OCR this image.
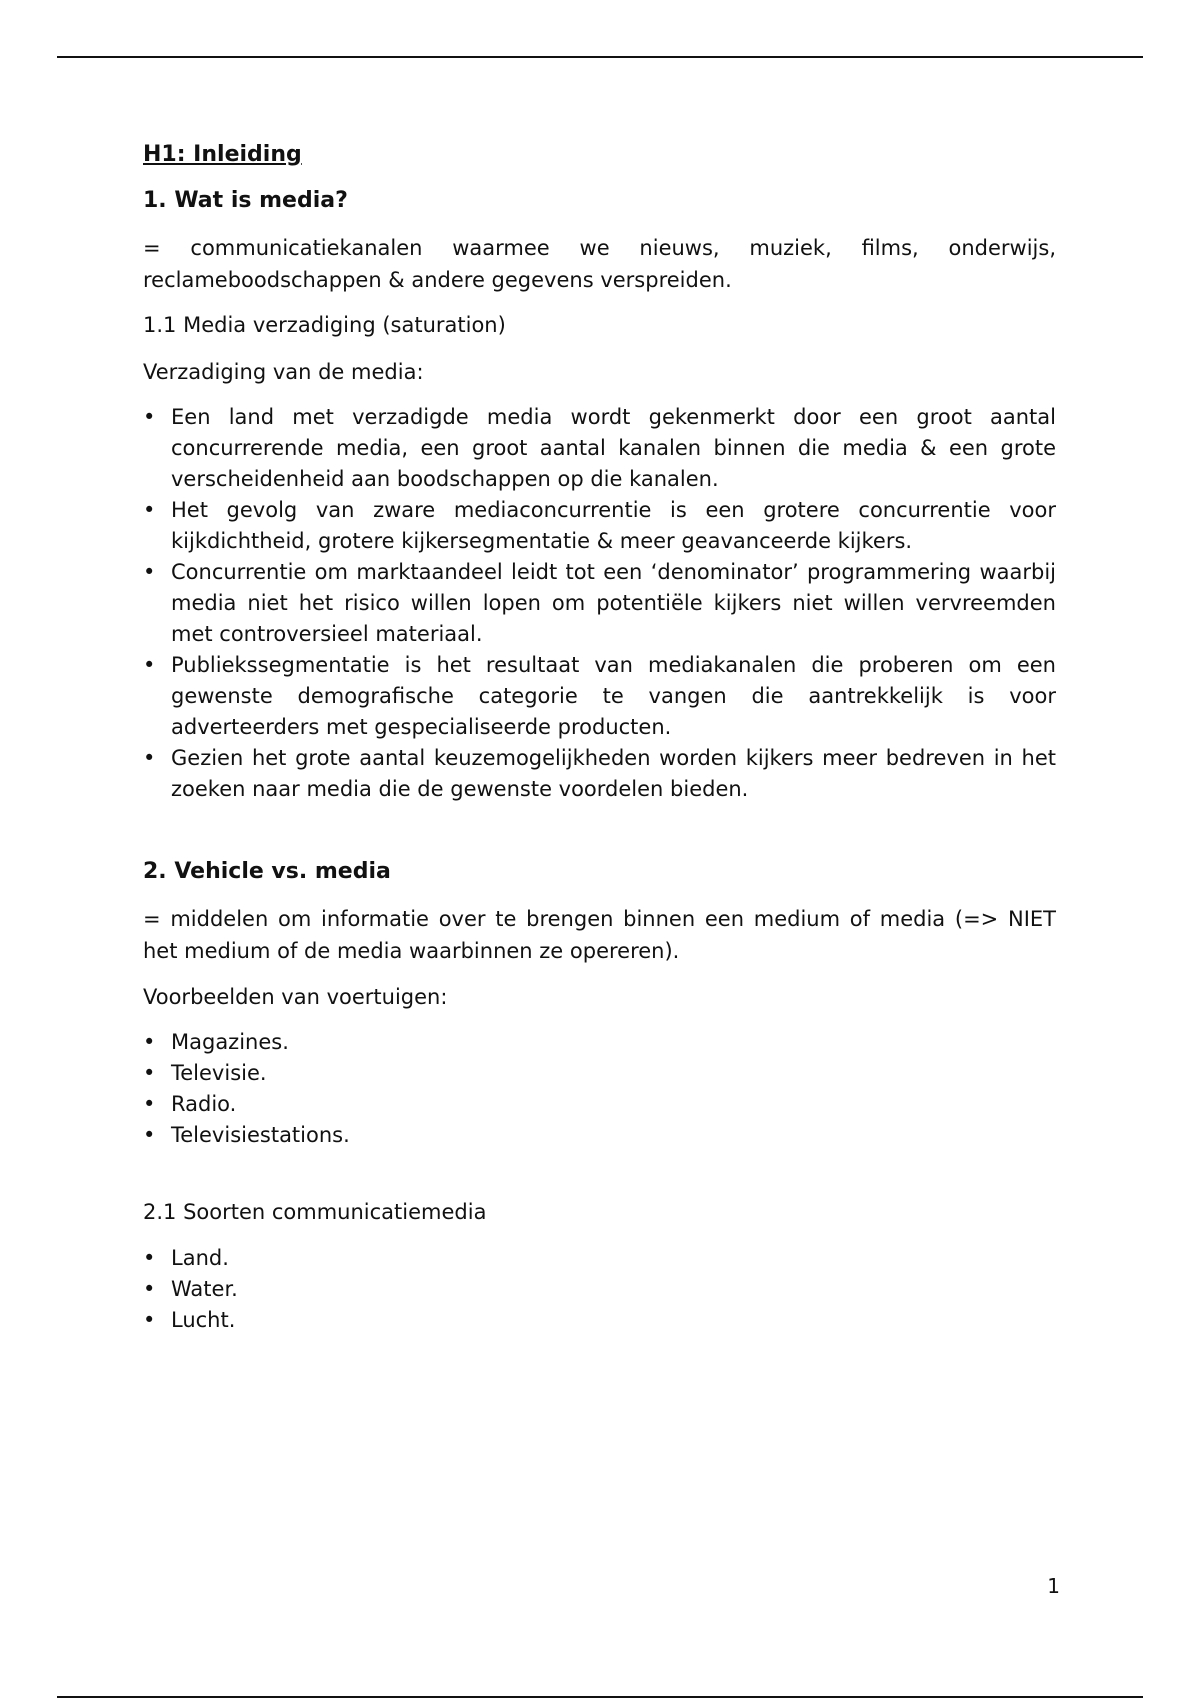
H1: Inleiding
1. Wat is media?
= communicatiekanalen waarmee we nieuws, muziek, films, onderwijs, reclameboodschappen & andere gegevens verspreiden.
1.1 Media verzadiging (saturation)
Verzadiging van de media:
• Een land met verzadigde media wordt gekenmerkt door een groot aantal concurrerende media, een groot aantal kanalen binnen die media & een grote verscheidenheid aan boodschappen op die kanalen.
• Het gevolg van zware mediaconcurrentie is een grotere concurrentie voor kijkdichtheid, grotere kijkersegmentatie & meer geavanceerde kijkers.
• Concurrentie om marktaandeel leidt tot een ‘denominator’ programmering waarbij media niet het risico willen lopen om potentiële kijkers niet willen vervreemden met controversieel materiaal.
• Publiekssegmentatie is het resultaat van mediakanalen die proberen om een gewenste demografische categorie te vangen die aantrekkelijk is voor adverteerders met gespecialiseerde producten.
• Gezien het grote aantal keuzemogelijkheden worden kijkers meer bedreven in het zoeken naar media die de gewenste voordelen bieden.
2. Vehicle vs. media
= middelen om informatie over te brengen binnen een medium of media (=> NIET het medium of de media waarbinnen ze opereren).
Voorbeelden van voertuigen:
• Magazines.
• Televisie.
• Radio.
• Televisiestations.
2.1 Soorten communicatiemedia
• Land.
• Water.
• Lucht.
1
